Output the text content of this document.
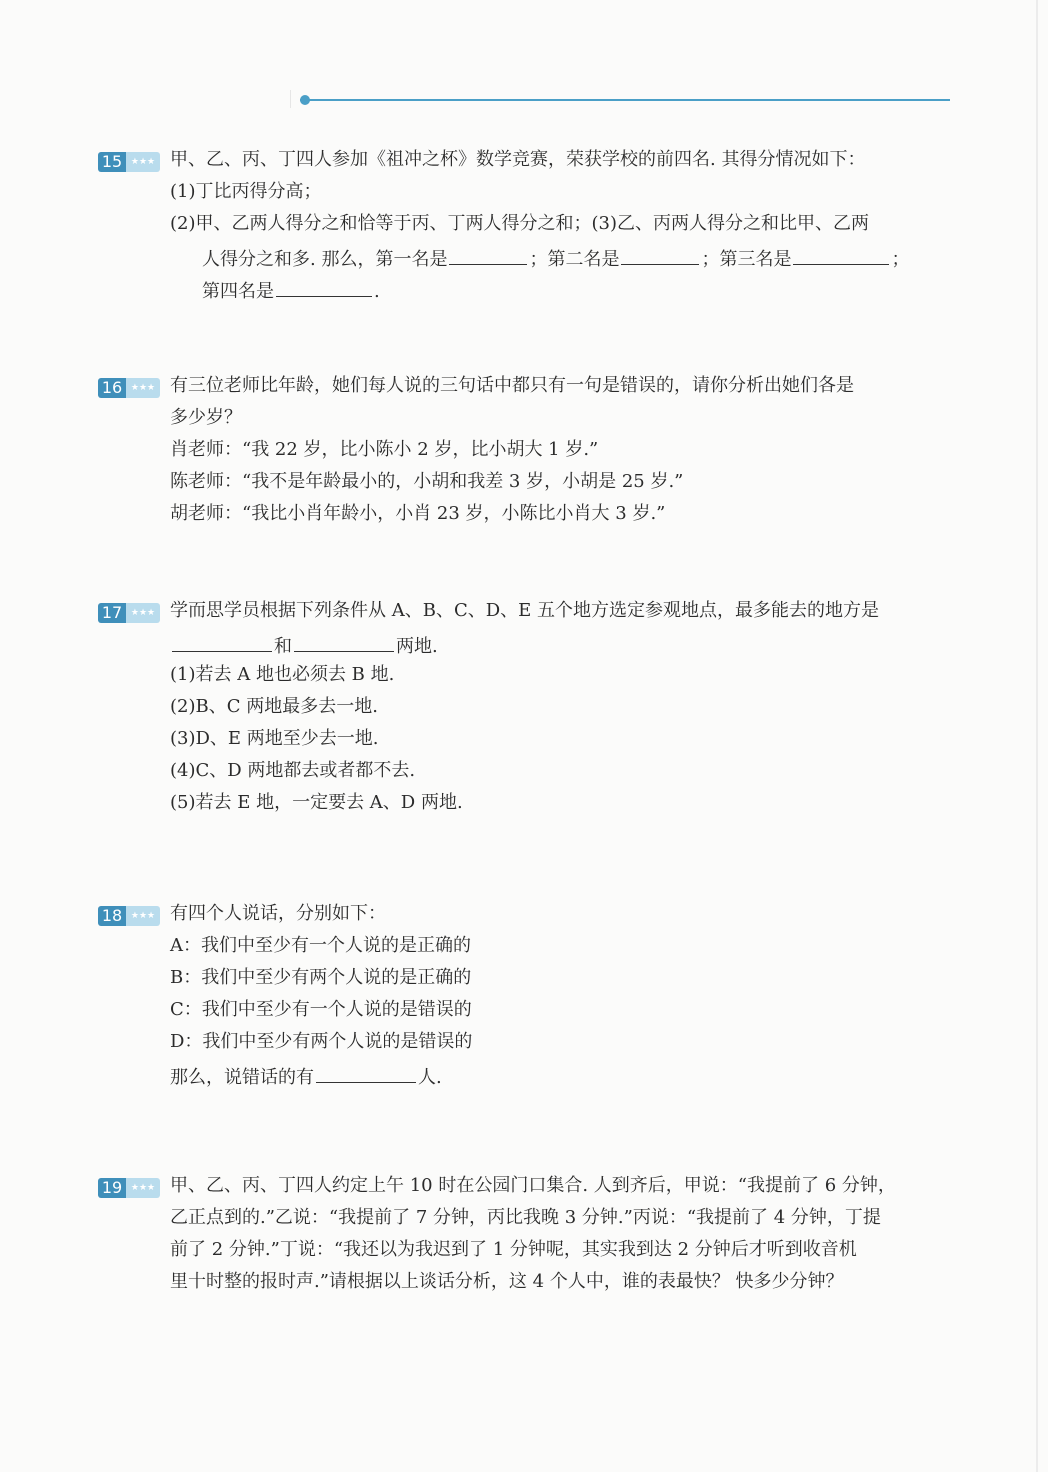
15 ★★★ 甲、乙、丙、丁四人参加《祖冲之杯》数学竞赛，荣获学校的前四名. 其得分情况如下：
(1)丁比丙得分高；
(2)甲、乙两人得分之和恰等于丙、丁两人得分之和；(3)乙、丙两人得分之和比甲、乙两
人得分之和多. 那么，第一名是	；第二名是	；第三名是	；
第四名是	.
16 ★★★ 有三位老师比年龄，她们每人说的三句话中都只有一句是错误的，请你分析出她们各是
多少岁？
肖老师：“我 22 岁，比小陈小 2 岁，比小胡大 1 岁.”
陈老师：“我不是年龄最小的，小胡和我差 3 岁，小胡是 25 岁.”
胡老师：“我比小肖年龄小，小肖 23 岁，小陈比小肖大 3 岁.”
17 ★★★ 学而思学员根据下列条件从 A、B、C、D、E 五个地方选定参观地点，最多能去的地方是
和	两地.
(1)若去 A 地也必须去 B 地.
(2)B、C 两地最多去一地.
(3)D、E 两地至少去一地.
(4)C、D 两地都去或者都不去.
(5)若去 E 地，一定要去 A、D 两地.
18 ★★★ 有四个人说话，分别如下：
A：我们中至少有一个人说的是正确的
B：我们中至少有两个人说的是正确的
C：我们中至少有一个人说的是错误的
D：我们中至少有两个人说的是错误的
那么，说错话的有	人.
19 ★★★ 甲、乙、丙、丁四人约定上午 10 时在公园门口集合. 人到齐后，甲说：“我提前了 6 分钟，
乙正点到的.”乙说：“我提前了 7 分钟，丙比我晚 3 分钟.”丙说：“我提前了 4 分钟，丁提
前了 2 分钟.”丁说：“我还以为我迟到了 1 分钟呢，其实我到达 2 分钟后才听到收音机
里十时整的报时声.”请根据以上谈话分析，这 4 个人中，谁的表最快？ 快多少分钟？
